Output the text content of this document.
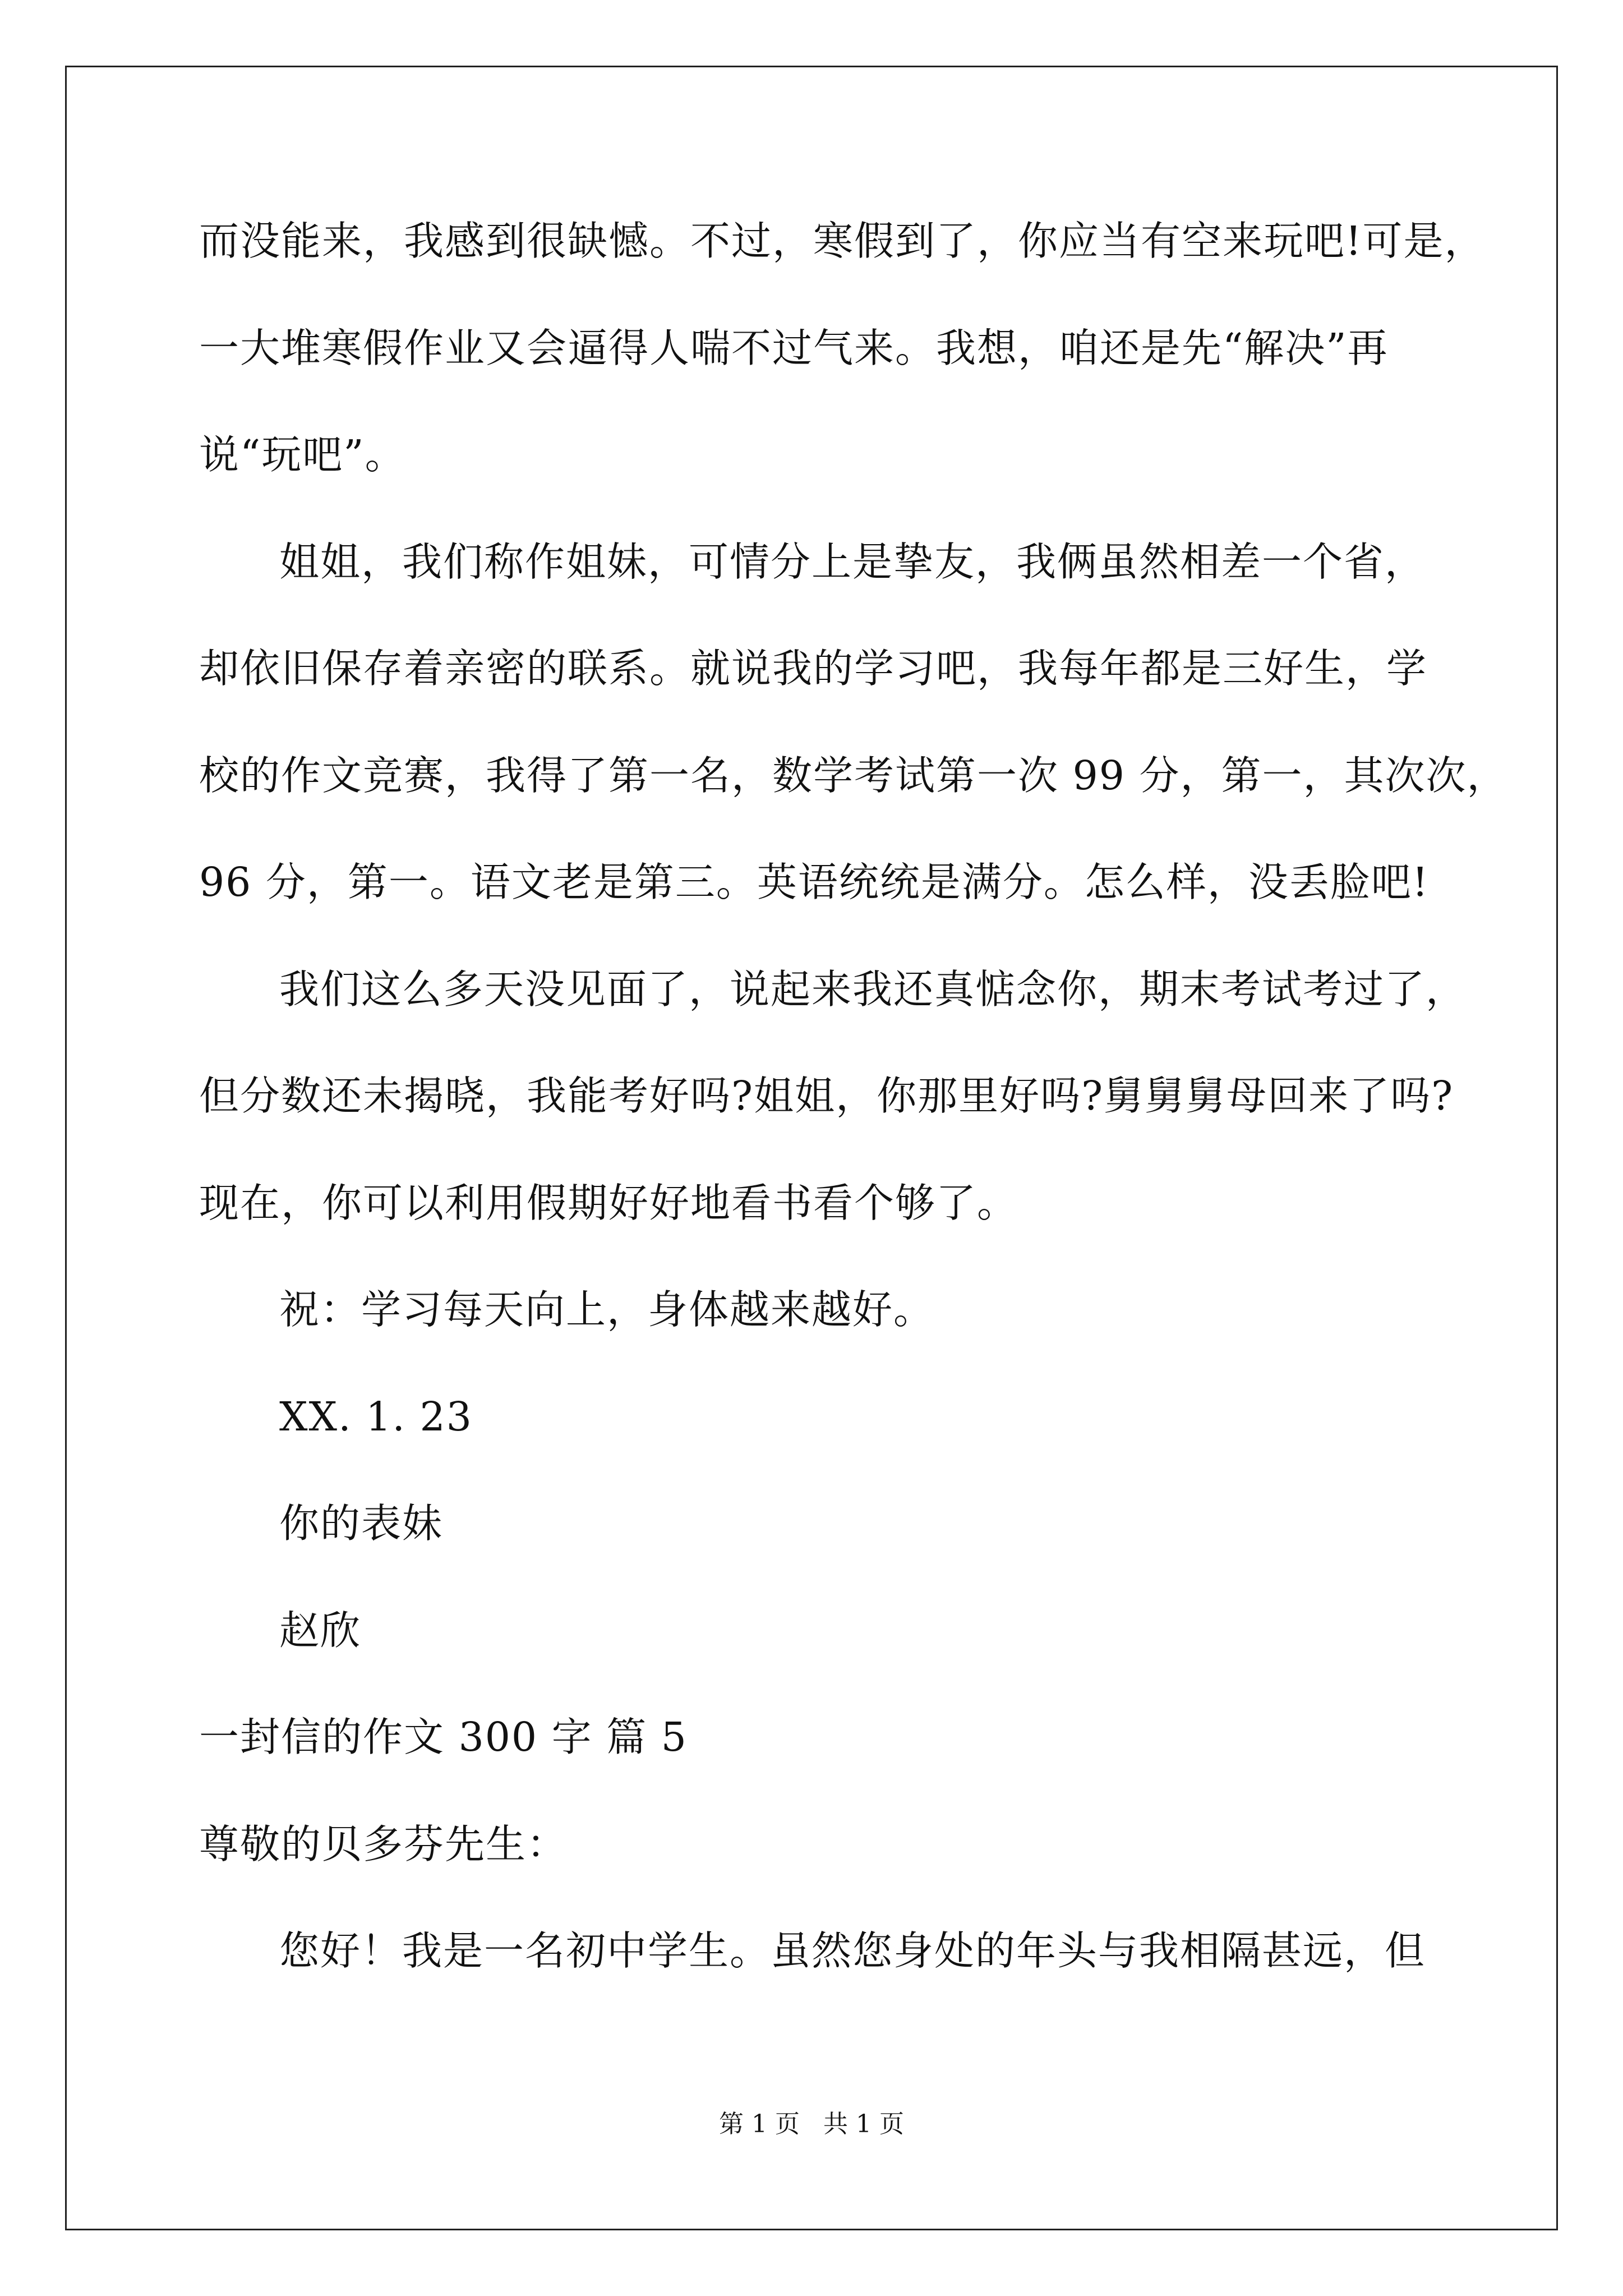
而没能来，我感到很缺憾。不过，寒假到了，你应当有空来玩吧!可是，
一大堆寒假作业又会逼得人喘不过气来。我想，咱还是先“解决”再
说“玩吧”。
姐姐，我们称作姐妹，可情分上是挚友，我俩虽然相差一个省，
却依旧保存着亲密的联系。就说我的学习吧，我每年都是三好生，学
校的作文竞赛，我得了第一名，数学考试第一次 99 分，第一，其次次，
96 分，第一。语文老是第三。英语统统是满分。怎么样，没丢脸吧!
我们这么多天没见面了，说起来我还真惦念你，期末考试考过了，
但分数还未揭晓，我能考好吗?姐姐，你那里好吗?舅舅舅母回来了吗?
现在，你可以利用假期好好地看书看个够了。
祝：学习每天向上，身体越来越好。
XX. 1. 23
你的表妹
赵欣
一封信的作文 300 字 篇 5
尊敬的贝多芬先生：
您好！我是一名初中学生。虽然您身处的年头与我相隔甚远，但
第 1 页 共 1 页
